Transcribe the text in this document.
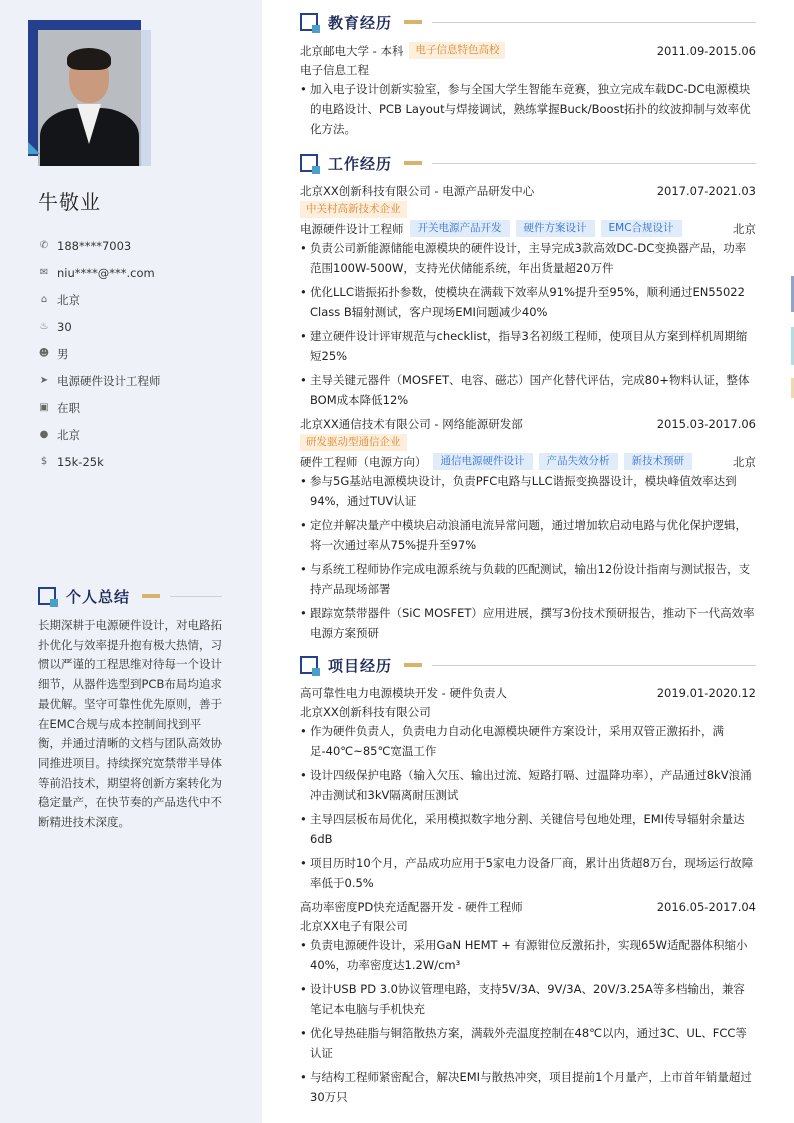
牛敬业
✆ 188****7003
✉ niu****@***.com
⌂ 北京
♨ 30
☻ 男
➤ 电源硬件设计工程师
▣ 在职
● 北京
$ 15k-25k
个人总结
长期深耕于电源硬件设计，对电路拓扑优化与效率提升抱有极大热情，习惯以严谨的工程思维对待每一个设计细节，从器件选型到PCB布局均追求最优解。坚守可靠性优先原则，善于在EMC合规与成本控制间找到平衡，并通过清晰的文档与团队高效协同推进项目。持续探究宽禁带半导体等前沿技术，期望将创新方案转化为稳定量产，在快节奏的产品迭代中不断精进技术深度。
教育经历
北京邮电大学 - 本科	电子信息特色高校	2011.09-2015.06
电子信息工程
• 加入电子设计创新实验室，参与全国大学生智能车竞赛，独立完成车载DC-DC电源模块的电路设计、PCB Layout与焊接调试，熟练掌握Buck/Boost拓扑的纹波抑制与效率优化方法。
工作经历
北京XX创新科技有限公司 - 电源产品研发中心	2017.07-2021.03
中关村高新技术企业
电源硬件设计工程师	开关电源产品开发	硬件方案设计	EMC合规设计	北京
• 负责公司新能源储能电源模块的硬件设计，主导完成3款高效DC-DC变换器产品，功率范围100W-500W，支持光伏储能系统，年出货量超20万件
• 优化LLC谐振拓扑参数，使模块在满载下效率从91%提升至95%，顺利通过EN55022 Class B辐射测试，客户现场EMI问题减少40%
• 建立硬件设计评审规范与checklist，指导3名初级工程师，使项目从方案到样机周期缩短25%
• 主导关键元器件（MOSFET、电容、磁芯）国产化替代评估，完成80+物料认证，整体BOM成本降低12%
北京XX通信技术有限公司 - 网络能源研发部	2015.03-2017.06
研发驱动型通信企业
硬件工程师（电源方向）	通信电源硬件设计	产品失效分析	新技术预研	北京
• 参与5G基站电源模块设计，负责PFC电路与LLC谐振变换器设计，模块峰值效率达到94%，通过TUV认证
• 定位并解决量产中模块启动浪涌电流异常问题，通过增加软启动电路与优化保护逻辑，将一次通过率从75%提升至97%
• 与系统工程师协作完成电源系统与负载的匹配测试，输出12份设计指南与测试报告，支持产品现场部署
• 跟踪宽禁带器件（SiC MOSFET）应用进展，撰写3份技术预研报告，推动下一代高效率电源方案预研
项目经历
高可靠性电力电源模块开发 - 硬件负责人	2019.01-2020.12
北京XX创新科技有限公司
• 作为硬件负责人，负责电力自动化电源模块硬件方案设计，采用双管正激拓扑，满足-40℃~85℃宽温工作
• 设计四级保护电路（输入欠压、输出过流、短路打嗝、过温降功率），产品通过8kV浪涌冲击测试和3kV隔离耐压测试
• 主导四层板布局优化，采用模拟数字地分割、关键信号包地处理，EMI传导辐射余量达6dB
• 项目历时10个月，产品成功应用于5家电力设备厂商，累计出货超8万台，现场运行故障率低于0.5%
高功率密度PD快充适配器开发 - 硬件工程师	2016.05-2017.04
北京XX电子有限公司
• 负责电源硬件设计，采用GaN HEMT + 有源钳位反激拓扑，实现65W适配器体积缩小40%，功率密度达1.2W/cm³
• 设计USB PD 3.0协议管理电路，支持5V/3A、9V/3A、20V/3.25A等多档输出，兼容笔记本电脑与手机快充
• 优化导热硅脂与铜箔散热方案，满载外壳温度控制在48℃以内，通过3C、UL、FCC等认证
• 与结构工程师紧密配合，解决EMI与散热冲突，项目提前1个月量产，上市首年销量超过30万只
